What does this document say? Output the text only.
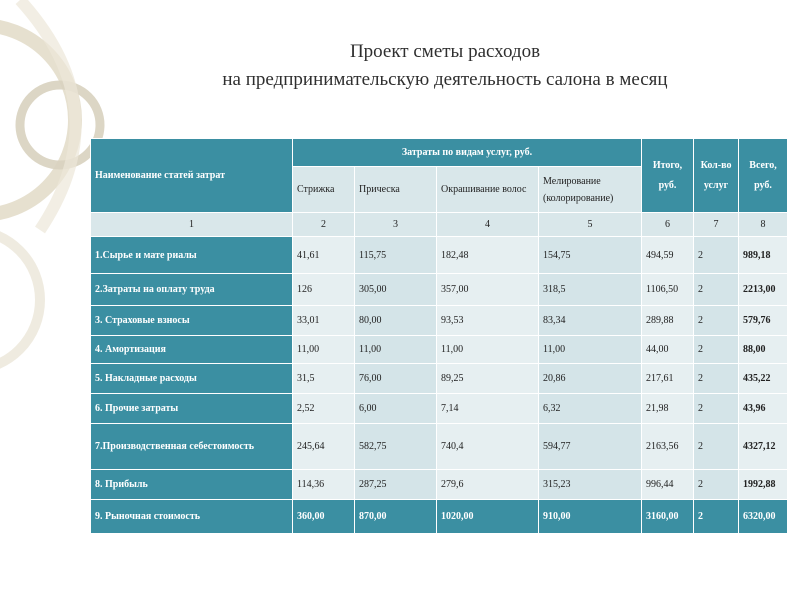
Проект сметы расходов
на предпринимательскую деятельность салона в месяц
Наименование статей затрат	Затраты по видам услуг, руб.				Итого, руб.	Кол-во услуг	Всего, руб.
	Стрижка	Прическа	Окрашивание волос	Мелирование (колорирование)			
1	2	3	4	5	6	7	8
1.Сырье и мате риалы	41,61	115,75	182,48	154,75	494,59	2	989,18
2.Затраты на оплату труда	126	305,00	357,00	318,5	1106,50	2	2213,00
3. Страховые взносы	33,01	80,00	93,53	83,34	289,88	2	579,76
4. Амортизация	11,00	11,00	11,00	11,00	44,00	2	88,00
5. Накладные расходы	31,5	76,00	89,25	20,86	217,61	2	435,22
6. Прочие затраты	2,52	6,00	7,14	6,32	21,98	2	43,96
7.Производственная себестоимость	245,64	582,75	740,4	594,77	2163,56	2	4327,12
8. Прибыль	114,36	287,25	279,6	315,23	996,44	2	1992,88
9. Рыночная стоимость	360,00	870,00	1020,00	910,00	3160,00	2	6320,00
